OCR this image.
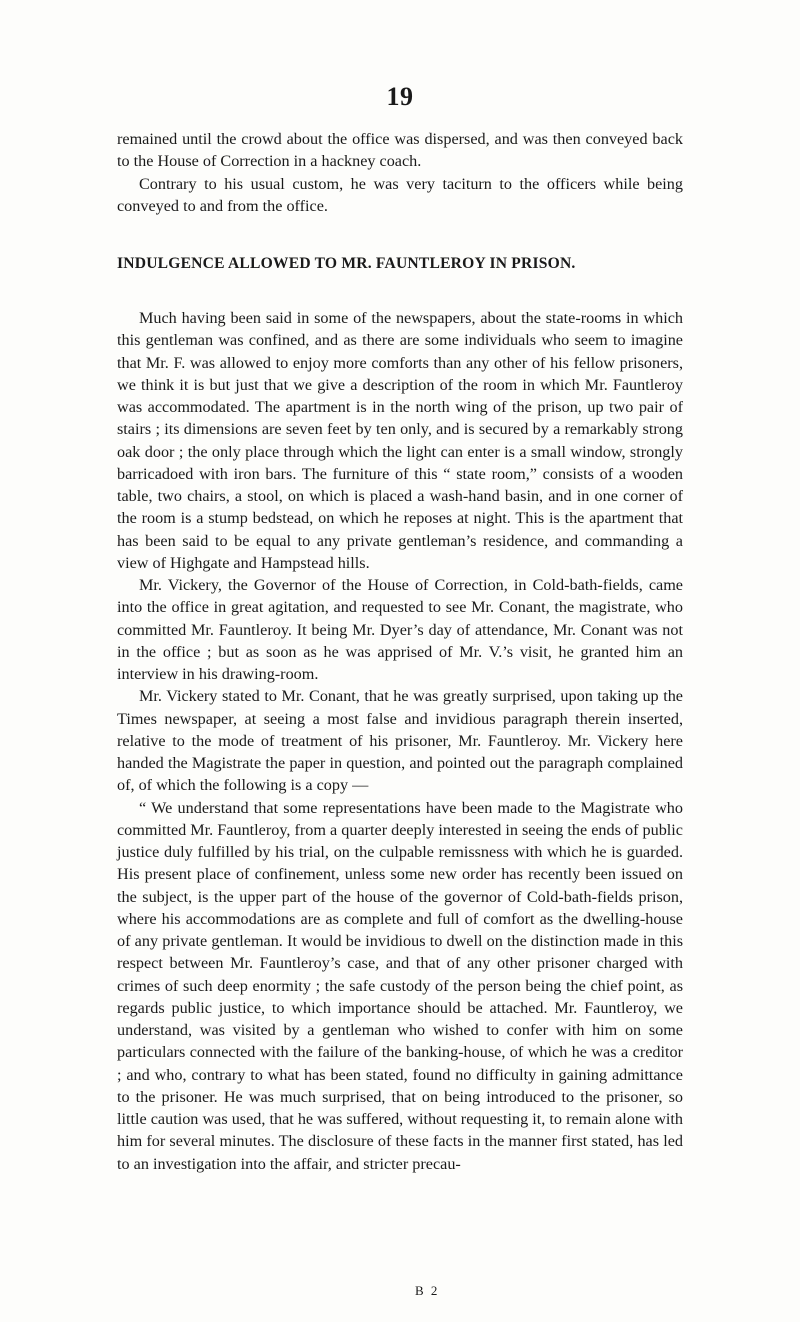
19

remained until the crowd about the office was dispersed, and was then conveyed back to the House of Correction in a hackney coach.

Contrary to his usual custom, he was very taciturn to the officers while being conveyed to and from the office.

INDULGENCE ALLOWED TO MR. FAUNTLEROY IN PRISON.

Much having been said in some of the newspapers, about the state-rooms in which this gentleman was confined, and as there are some individuals who seem to imagine that Mr. F. was allowed to enjoy more comforts than any other of his fellow prisoners, we think it is but just that we give a description of the room in which Mr. Fauntleroy was accommodated. The apartment is in the north wing of the prison, up two pair of stairs ; its dimensions are seven feet by ten only, and is secured by a remarkably strong oak door ; the only place through which the light can enter is a small window, strongly barricadoed with iron bars. The furniture of this “ state room,” consists of a wooden table, two chairs, a stool, on which is placed a wash-hand basin, and in one corner of the room is a stump bedstead, on which he reposes at night. This is the apartment that has been said to be equal to any private gentleman’s residence, and commanding a view of Highgate and Hampstead hills.

Mr. Vickery, the Governor of the House of Correction, in Cold-bath-fields, came into the office in great agitation, and requested to see Mr. Conant, the magistrate, who committed Mr. Fauntleroy. It being Mr. Dyer’s day of attendance, Mr. Conant was not in the office ; but as soon as he was apprised of Mr. V.’s visit, he granted him an interview in his drawing-room.

Mr. Vickery stated to Mr. Conant, that he was greatly surprised, upon taking up the Times newspaper, at seeing a most false and invidious paragraph therein inserted, relative to the mode of treatment of his prisoner, Mr. Fauntleroy. Mr. Vickery here handed the Magistrate the paper in question, and pointed out the paragraph complained of, of which the following is a copy —

“ We understand that some representations have been made to the Magistrate who committed Mr. Fauntleroy, from a quarter deeply interested in seeing the ends of public justice duly fulfilled by his trial, on the culpable remissness with which he is guarded. His present place of confinement, unless some new order has recently been issued on the subject, is the upper part of the house of the governor of Cold-bath-fields prison, where his accommodations are as complete and full of comfort as the dwelling-house of any private gentleman. It would be invidious to dwell on the distinction made in this respect between Mr. Fauntleroy’s case, and that of any other prisoner charged with crimes of such deep enormity ; the safe custody of the person being the chief point, as regards public justice, to which importance should be attached. Mr. Fauntleroy, we understand, was visited by a gentleman who wished to confer with him on some particulars connected with the failure of the banking-house, of which he was a creditor ; and who, contrary to what has been stated, found no difficulty in gaining admittance to the prisoner. He was much surprised, that on being introduced to the prisoner, so little caution was used, that he was suffered, without requesting it, to remain alone with him for several minutes. The disclosure of these facts in the manner first stated, has led to an investigation into the affair, and stricter precau-

B 2
